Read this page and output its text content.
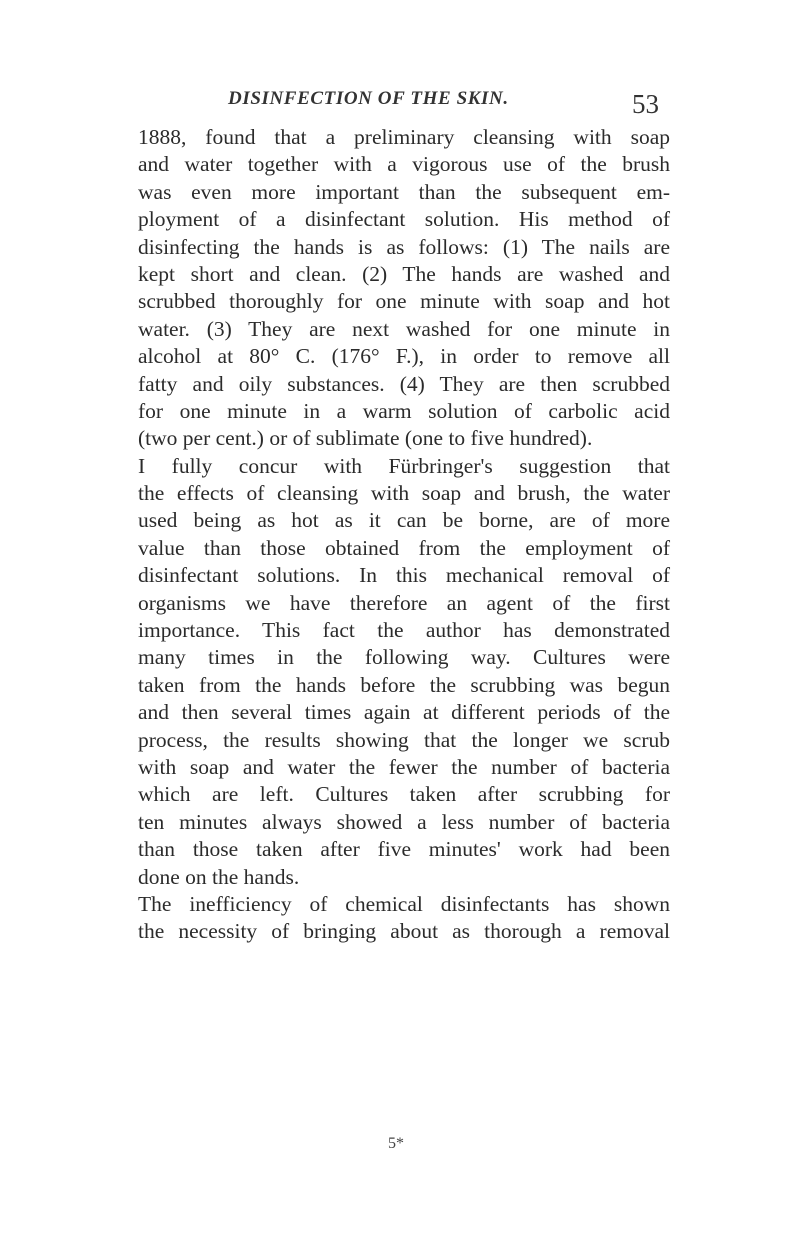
DISINFECTION OF THE SKIN.	53
1888, found that a preliminary cleansing with soap
and water together with a vigorous use of the brush
was even more important than the subsequent em-
ployment of a disinfectant solution. His method of
disinfecting the hands is as follows: (1) The nails are
kept short and clean. (2) The hands are washed and
scrubbed thoroughly for one minute with soap and hot
water. (3) They are next washed for one minute in
alcohol at 80° C. (176° F.), in order to remove all
fatty and oily substances. (4) They are then scrubbed
for one minute in a warm solution of carbolic acid
(two per cent.) or of sublimate (one to five hundred).
I fully concur with Fürbringer's suggestion that
the effects of cleansing with soap and brush, the water
used being as hot as it can be borne, are of more
value than those obtained from the employment of
disinfectant solutions. In this mechanical removal of
organisms we have therefore an agent of the first
importance. This fact the author has demonstrated
many times in the following way. Cultures were
taken from the hands before the scrubbing was begun
and then several times again at different periods of the
process, the results showing that the longer we scrub
with soap and water the fewer the number of bacteria
which are left. Cultures taken after scrubbing for
ten minutes always showed a less number of bacteria
than those taken after five minutes' work had been
done on the hands.
The inefficiency of chemical disinfectants has shown
the necessity of bringing about as thorough a removal
5*
